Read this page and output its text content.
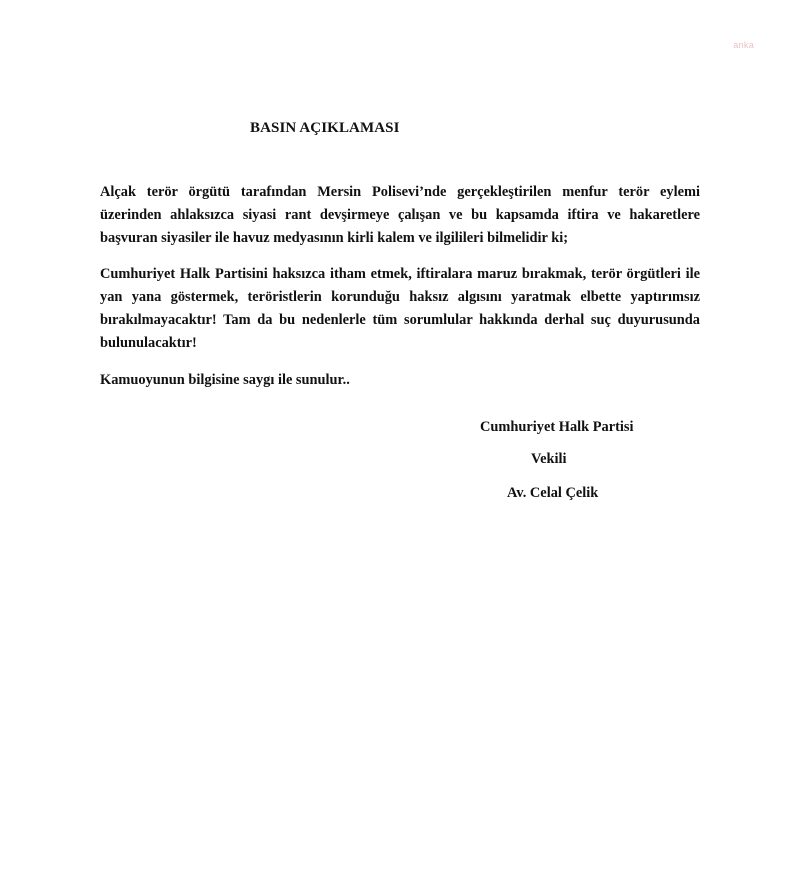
anka
BASIN AÇIKLAMASI

Alçak terör örgütü tarafından Mersin Polisevi’nde gerçekleştirilen menfur terör eylemi üzerinden ahlaksızca siyasi rant devşirmeye çalışan ve bu kapsamda iftira ve hakaretlere başvuran siyasiler ile havuz medyasının kirli kalem ve ilgilileri bilmelidir ki;

Cumhuriyet Halk Partisini haksızca itham etmek, iftiralara maruz bırakmak, terör örgütleri ile yan yana göstermek, teröristlerin korunduğu haksız algısını yaratmak elbette yaptırımsız bırakılmayacaktır! Tam da bu nedenlerle tüm sorumlular hakkında derhal suç duyurusunda bulunulacaktır!

Kamuoyunun bilgisine saygı ile sunulur..

Cumhuriyet Halk Partisi
Vekili
Av. Celal Çelik
